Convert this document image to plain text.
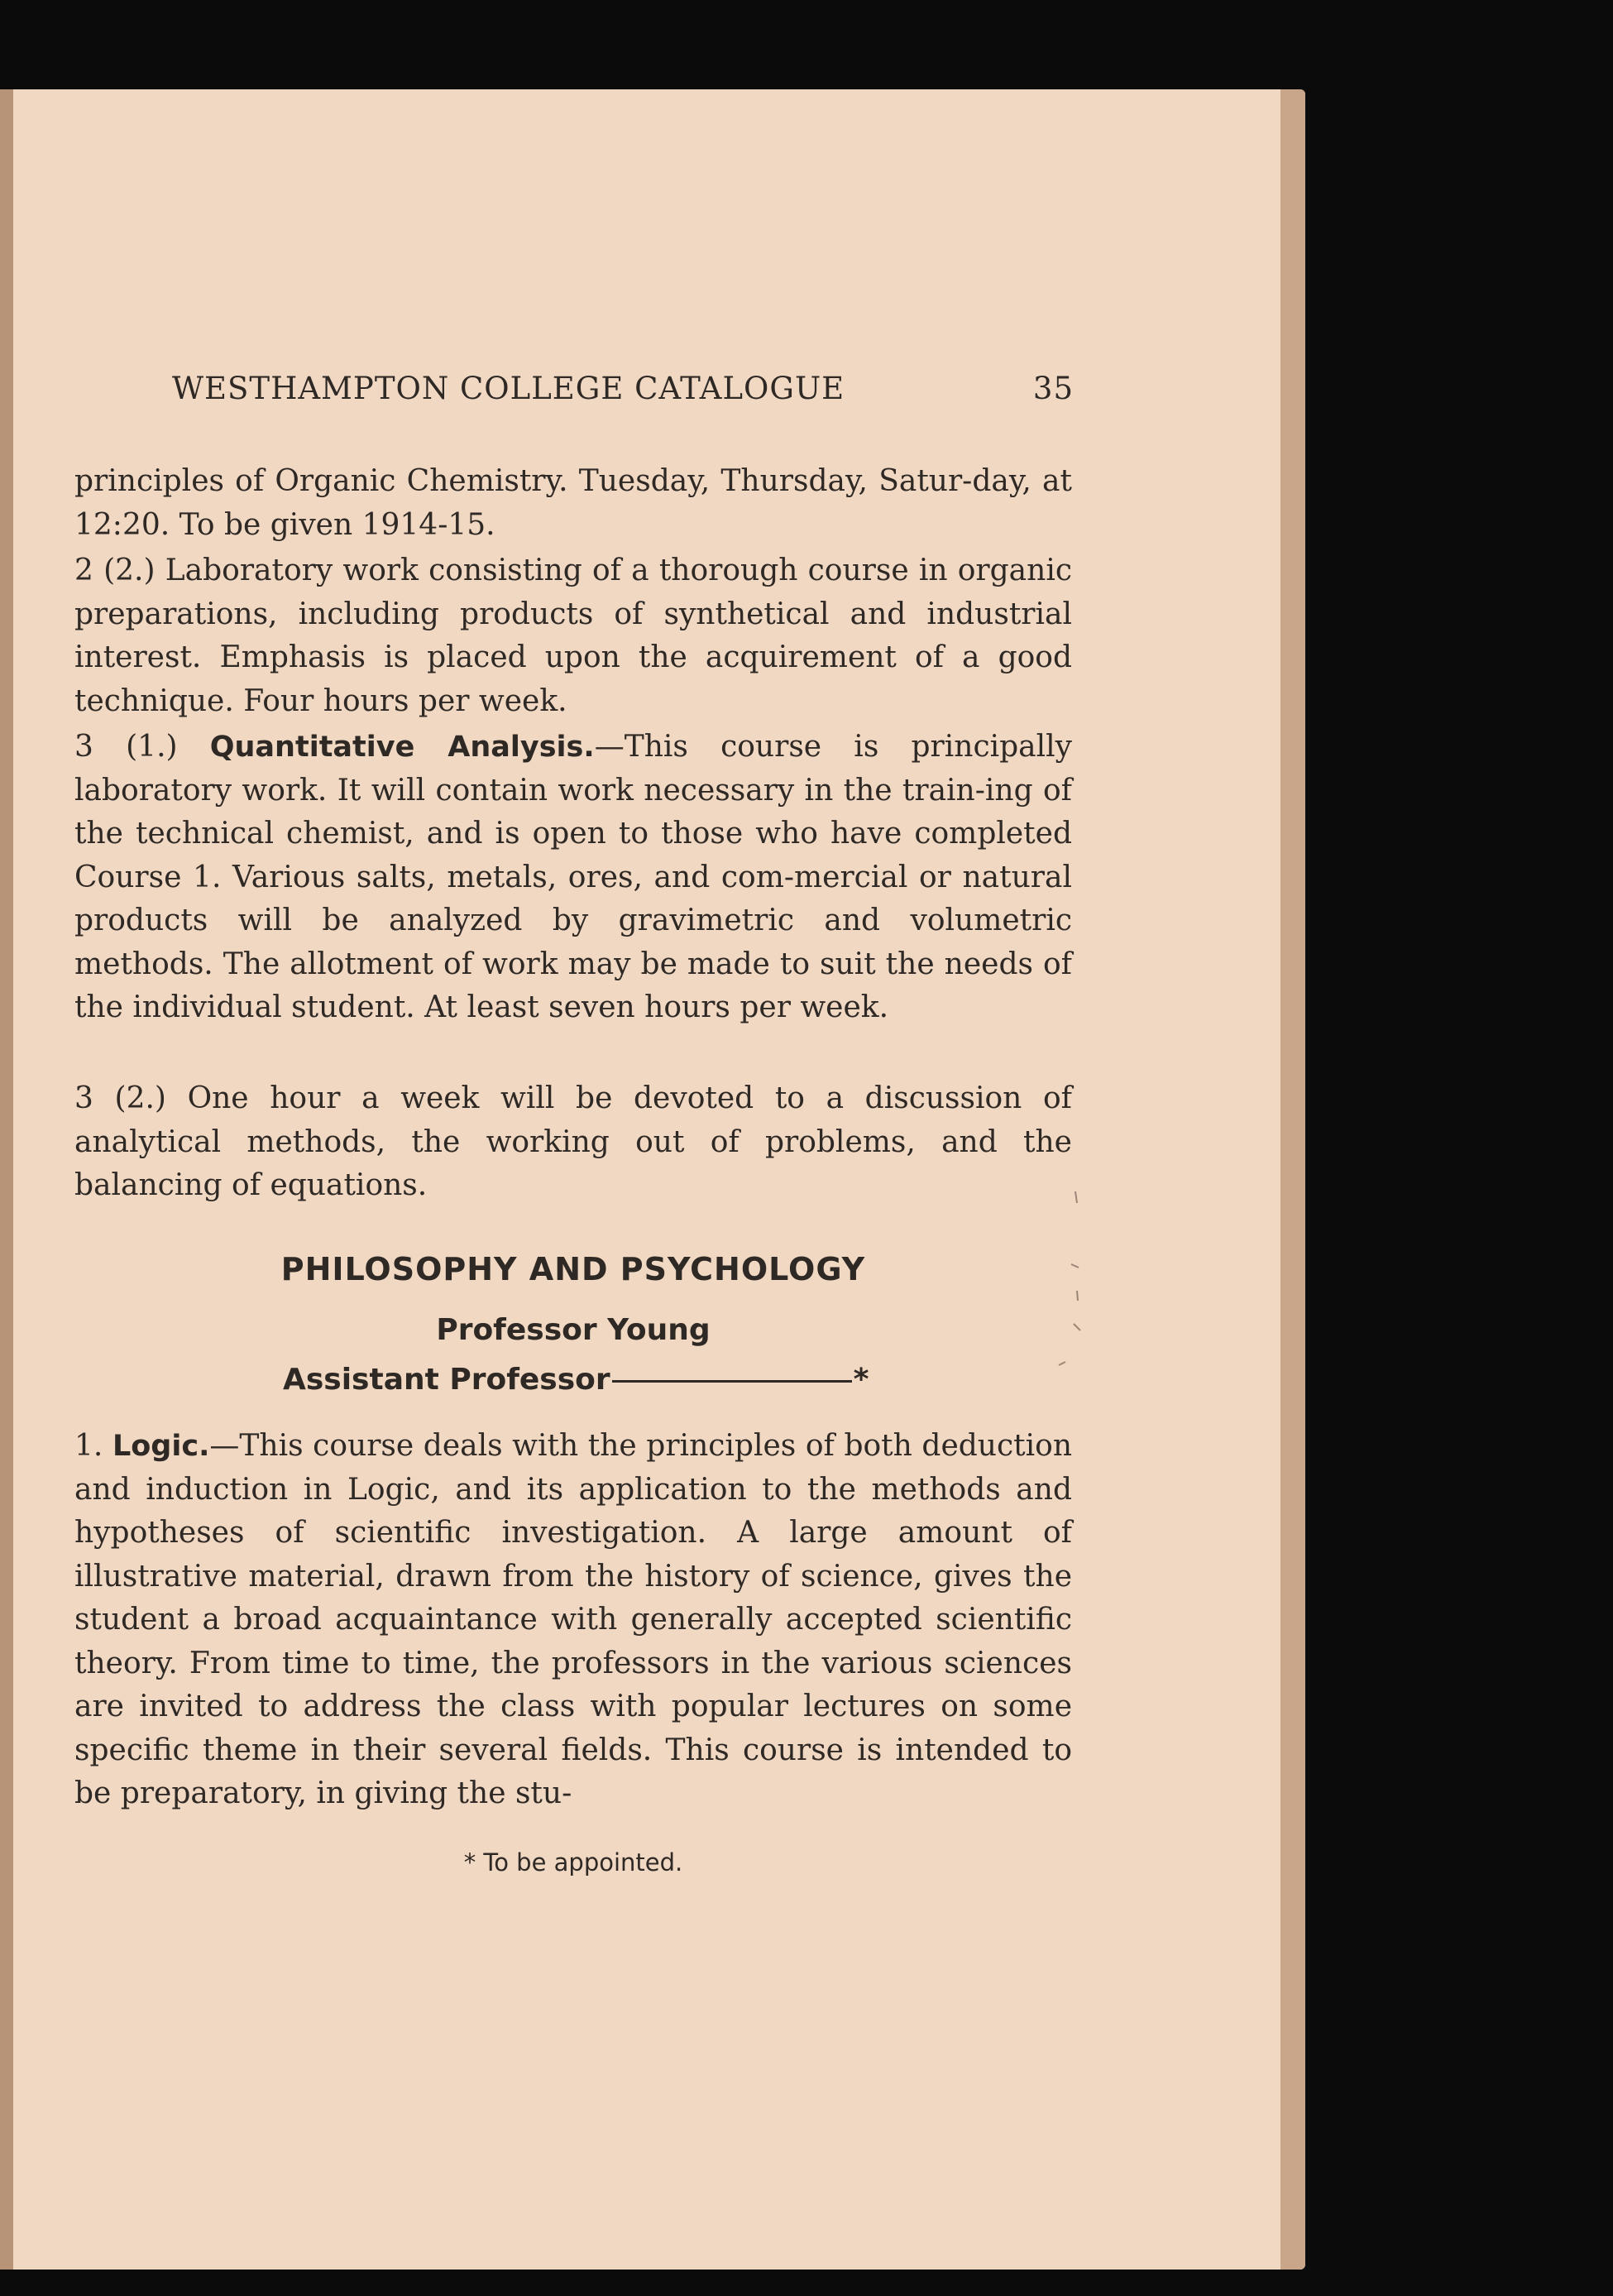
WESTHAMPTON COLLEGE CATALOGUE	35
principles of Organic Chemistry. Tuesday, Thursday, Satur-day, at 12:20. To be given 1914-15.
2 (2.) Laboratory work consisting of a thorough course in organic preparations, including products of synthetical and industrial interest. Emphasis is placed upon the acquirement of a good technique. Four hours per week.
3 (1.) Quantitative Analysis.—This course is principally laboratory work. It will contain work necessary in the train-ing of the technical chemist, and is open to those who have completed Course 1. Various salts, metals, ores, and com-mercial or natural products will be analyzed by gravimetric and volumetric methods. The allotment of work may be made to suit the needs of the individual student. At least seven hours per week.
3 (2.) One hour a week will be devoted to a discussion of analytical methods, the working out of problems, and the balancing of equations.
PHILOSOPHY AND PSYCHOLOGY
Professor Young
Assistant Professor	*
1. Logic.—This course deals with the principles of both deduction and induction in Logic, and its application to the methods and hypotheses of scientific investigation. A large amount of illustrative material, drawn from the history of science, gives the student a broad acquaintance with generally accepted scientific theory. From time to time, the professors in the various sciences are invited to address the class with popular lectures on some specific theme in their several fields. This course is intended to be preparatory, in giving the stu-
* To be appointed.
